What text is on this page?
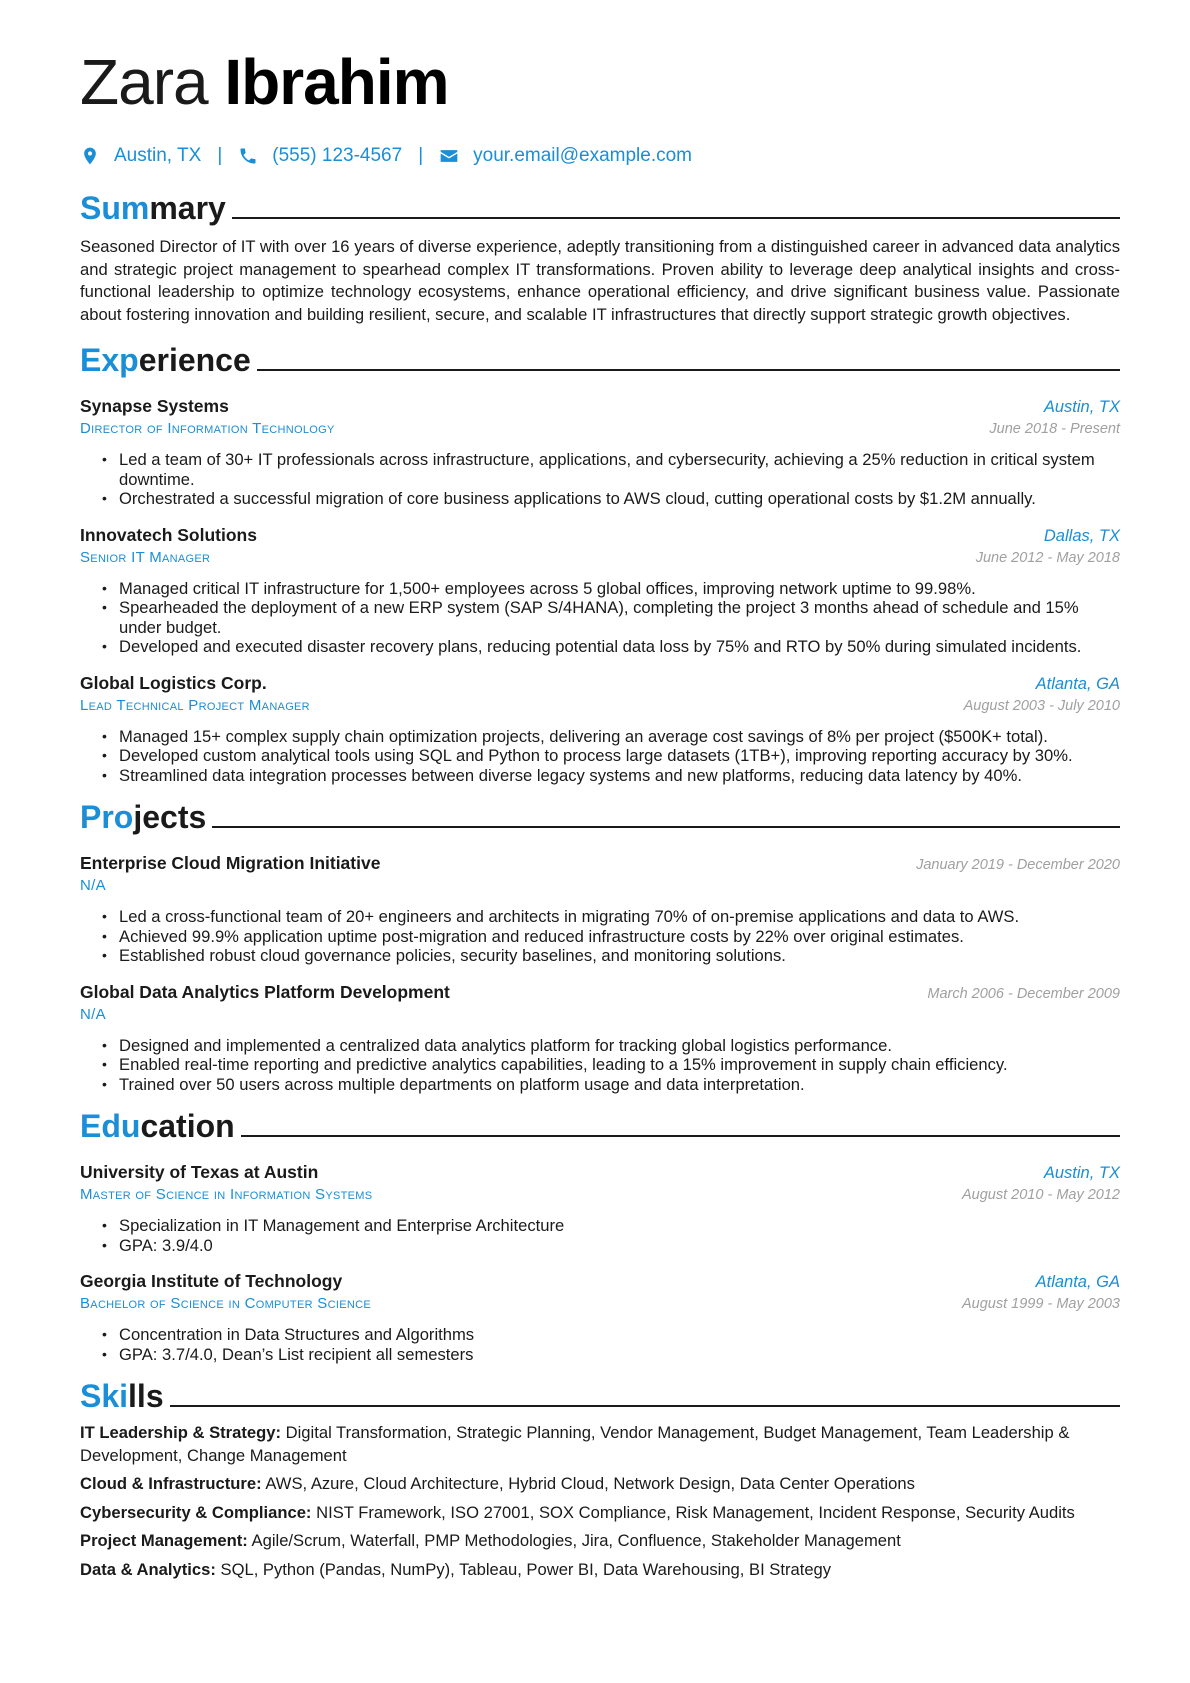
Zara Ibrahim
Austin, TX |	(555) 123-4567 |	your.email@example.com
Summary
Seasoned Director of IT with over 16 years of diverse experience, adeptly transitioning from a distinguished career in advanced data analytics and strategic project management to spearhead complex IT transformations. Proven ability to leverage deep analytical insights and cross-functional leadership to optimize technology ecosystems, enhance operational efficiency, and drive significant business value. Passionate about fostering innovation and building resilient, secure, and scalable IT infrastructures that directly support strategic growth objectives.
Experience
Synapse Systems	Austin, TX
Director of Information Technology	June 2018 - Present
• Led a team of 30+ IT professionals across infrastructure, applications, and cybersecurity, achieving a 25% reduction in critical system downtime.
• Orchestrated a successful migration of core business applications to AWS cloud, cutting operational costs by $1.2M annually.
Innovatech Solutions	Dallas, TX
Senior IT Manager	June 2012 - May 2018
• Managed critical IT infrastructure for 1,500+ employees across 5 global offices, improving network uptime to 99.98%.
• Spearheaded the deployment of a new ERP system (SAP S/4HANA), completing the project 3 months ahead of schedule and 15% under budget.
• Developed and executed disaster recovery plans, reducing potential data loss by 75% and RTO by 50% during simulated incidents.
Global Logistics Corp.	Atlanta, GA
Lead Technical Project Manager	August 2003 - July 2010
• Managed 15+ complex supply chain optimization projects, delivering an average cost savings of 8% per project ($500K+ total).
• Developed custom analytical tools using SQL and Python to process large datasets (1TB+), improving reporting accuracy by 30%.
• Streamlined data integration processes between diverse legacy systems and new platforms, reducing data latency by 40%.
Projects
Enterprise Cloud Migration Initiative	January 2019 - December 2020
N/A
• Led a cross-functional team of 20+ engineers and architects in migrating 70% of on-premise applications and data to AWS.
• Achieved 99.9% application uptime post-migration and reduced infrastructure costs by 22% over original estimates.
• Established robust cloud governance policies, security baselines, and monitoring solutions.
Global Data Analytics Platform Development	March 2006 - December 2009
N/A
• Designed and implemented a centralized data analytics platform for tracking global logistics performance.
• Enabled real-time reporting and predictive analytics capabilities, leading to a 15% improvement in supply chain efficiency.
• Trained over 50 users across multiple departments on platform usage and data interpretation.
Education
University of Texas at Austin	Austin, TX
Master of Science in Information Systems	August 2010 - May 2012
• Specialization in IT Management and Enterprise Architecture
• GPA: 3.9/4.0
Georgia Institute of Technology	Atlanta, GA
Bachelor of Science in Computer Science	August 1999 - May 2003
• Concentration in Data Structures and Algorithms
• GPA: 3.7/4.0, Dean’s List recipient all semesters
Skills
IT Leadership & Strategy: Digital Transformation, Strategic Planning, Vendor Management, Budget Management, Team Leadership & Development, Change Management
Cloud & Infrastructure: AWS, Azure, Cloud Architecture, Hybrid Cloud, Network Design, Data Center Operations
Cybersecurity & Compliance: NIST Framework, ISO 27001, SOX Compliance, Risk Management, Incident Response, Security Audits
Project Management: Agile/Scrum, Waterfall, PMP Methodologies, Jira, Confluence, Stakeholder Management
Data & Analytics: SQL, Python (Pandas, NumPy), Tableau, Power BI, Data Warehousing, BI Strategy
